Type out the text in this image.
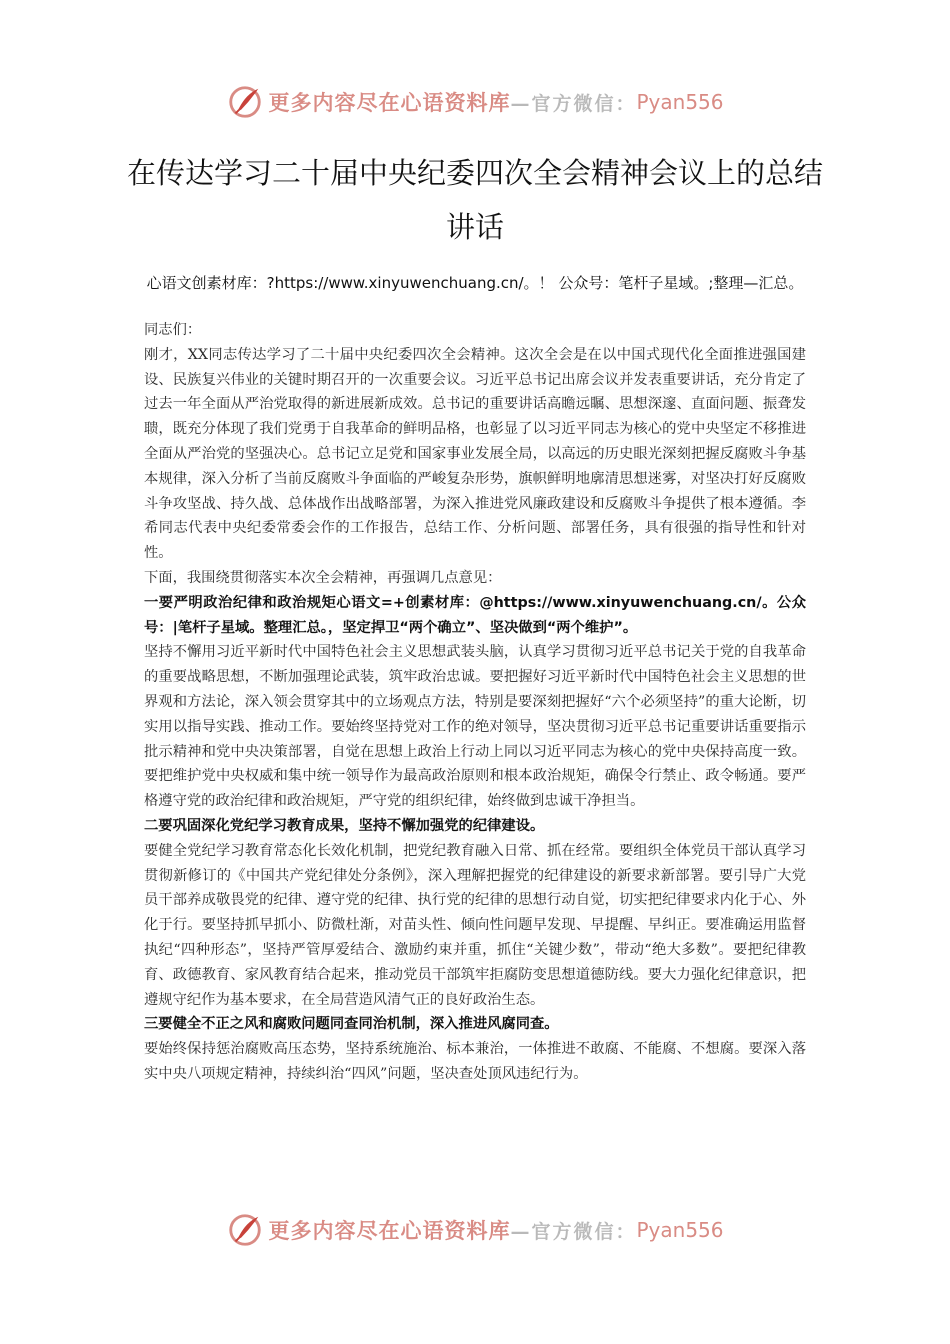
更多内容尽在心语资料库 —官方微信： Pyan556
在传达学习二十届中央纪委四次全会精神会议上的总结讲话
心语文创素材库：?https://www.xinyuwenchuang.cn/。！ 公众号：笔杆子星域。;整理—汇总。

同志们：

刚才，XX同志传达学习了二十届中央纪委四次全会精神。这次全会是在以中国式现代化全面推进强国建设、民族复兴伟业的关键时期召开的一次重要会议。习近平总书记出席会议并发表重要讲话，充分肯定了过去一年全面从严治党取得的新进展新成效。总书记的重要讲话高瞻远瞩、思想深邃、直面问题、振聋发聩，既充分体现了我们党勇于自我革命的鲜明品格，也彰显了以习近平同志为核心的党中央坚定不移推进全面从严治党的坚强决心。总书记立足党和国家事业发展全局，以高远的历史眼光深刻把握反腐败斗争基本规律，深入分析了当前反腐败斗争面临的严峻复杂形势，旗帜鲜明地廓清思想迷雾，对坚决打好反腐败斗争攻坚战、持久战、总体战作出战略部署，为深入推进党风廉政建设和反腐败斗争提供了根本遵循。李希同志代表中央纪委常委会作的工作报告，总结工作、分析问题、部署任务，具有很强的指导性和针对性。

下面，我围绕贯彻落实本次全会精神，再强调几点意见：

一要严明政治纪律和政治规矩心语文=+创素材库：@https://www.xinyuwenchuang.cn/。公众号：|笔杆子星域。整理汇总。，坚定捍卫“两个确立”、坚决做到“两个维护”。

坚持不懈用习近平新时代中国特色社会主义思想武装头脑，认真学习贯彻习近平总书记关于党的自我革命的重要战略思想，不断加强理论武装，筑牢政治忠诚。要把握好习近平新时代中国特色社会主义思想的世界观和方法论，深入领会贯穿其中的立场观点方法，特别是要深刻把握好“六个必须坚持”的重大论断，切实用以指导实践、推动工作。要始终坚持党对工作的绝对领导，坚决贯彻习近平总书记重要讲话重要指示批示精神和党中央决策部署，自觉在思想上政治上行动上同以习近平同志为核心的党中央保持高度一致。要把维护党中央权威和集中统一领导作为最高政治原则和根本政治规矩，确保令行禁止、政令畅通。要严格遵守党的政治纪律和政治规矩，严守党的组织纪律，始终做到忠诚干净担当。

二要巩固深化党纪学习教育成果，坚持不懈加强党的纪律建设。

要健全党纪学习教育常态化长效化机制，把党纪教育融入日常、抓在经常。要组织全体党员干部认真学习贯彻新修订的《中国共产党纪律处分条例》，深入理解把握党的纪律建设的新要求新部署。要引导广大党员干部养成敬畏党的纪律、遵守党的纪律、执行党的纪律的思想行动自觉，切实把纪律要求内化于心、外化于行。要坚持抓早抓小、防微杜渐，对苗头性、倾向性问题早发现、早提醒、早纠正。要准确运用监督执纪“四种形态”，坚持严管厚爱结合、激励约束并重，抓住“关键少数”，带动“绝大多数”。要把纪律教育、政德教育、家风教育结合起来，推动党员干部筑牢拒腐防变思想道德防线。要大力强化纪律意识，把遵规守纪作为基本要求，在全局营造风清气正的良好政治生态。

三要健全不正之风和腐败问题同查同治机制，深入推进风腐同查。

要始终保持惩治腐败高压态势，坚持系统施治、标本兼治，一体推进不敢腐、不能腐、不想腐。要深入落实中央八项规定精神，持续纠治“四风”问题，坚决查处顶风违纪行为。

更多内容尽在心语资料库 —官方微信： Pyan556
